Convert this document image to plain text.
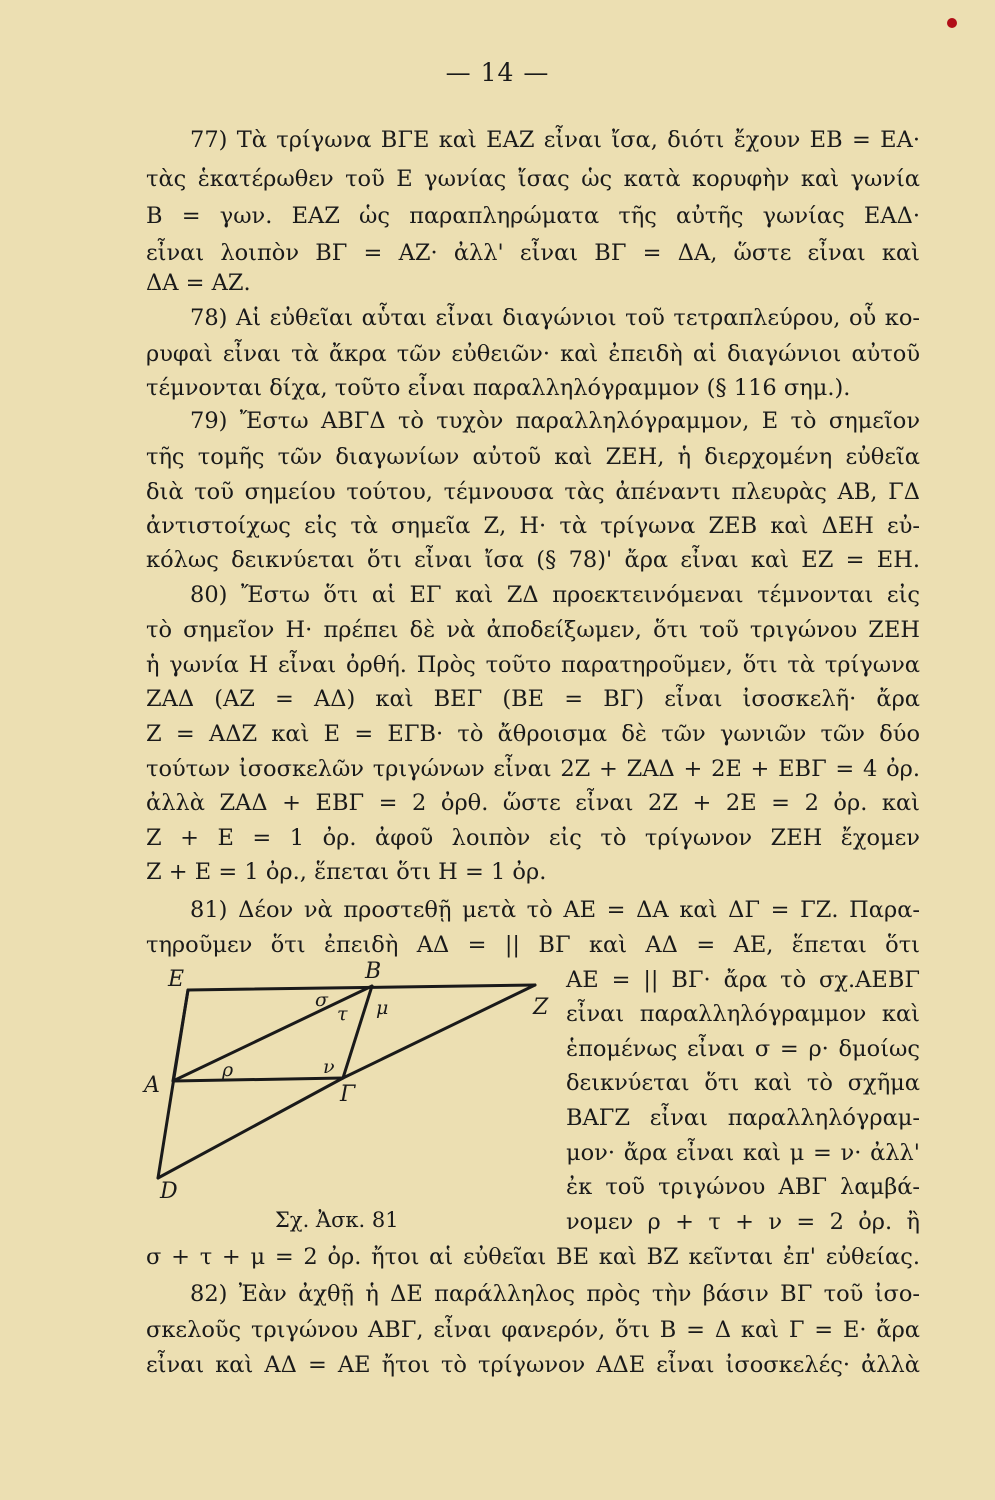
— 14 —
77) Τὰ τρίγωνα ΒΓΕ καὶ ΕΑΖ εἶναι ἴσα, διότι ἔχουν ΕΒ = ΕΑ·
τὰς ἑκατέρωθεν τοῦ Ε γωνίας ἴσας ὡς κατὰ κορυφὴν καὶ γωνία
Β = γων. ΕΑΖ ὡς παραπληρώματα τῆς αὐτῆς γωνίας ΕΑΔ·
εἶναι λοιπὸν ΒΓ = ΑΖ· ἀλλ' εἶναι ΒΓ = ΔΑ, ὥστε εἶναι καὶ
ΔΑ = ΑΖ.
78) Αἱ εὐθεῖαι αὗται εἶναι διαγώνιοι τοῦ τετραπλεύρου, οὗ κο-
ρυφαὶ εἶναι τὰ ἄκρα τῶν εὐθειῶν· καὶ ἐπειδὴ αἱ διαγώνιοι αὐτοῦ
τέμνονται δίχα, τοῦτο εἶναι παραλληλόγραμμον (§ 116 σημ.).
79) Ἔστω ΑΒΓΔ τὸ τυχὸν παραλληλόγραμμον, Ε τὸ σημεῖον
τῆς τομῆς τῶν διαγωνίων αὐτοῦ καὶ ΖΕΗ, ἡ διερχομένη εὐθεῖα
διὰ τοῦ σημείου τούτου, τέμνουσα τὰς ἀπέναντι πλευρὰς ΑΒ, ΓΔ
ἀντιστοίχως εἰς τὰ σημεῖα Ζ, Η· τὰ τρίγωνα ΖΕΒ καὶ ΔΕΗ εὐ-
κόλως δεικνύεται ὅτι εἶναι ἴσα (§ 78)' ἄρα εἶναι καὶ ΕΖ = ΕΗ.
80) Ἔστω ὅτι αἱ ΕΓ καὶ ΖΔ προεκτεινόμεναι τέμνονται εἰς
τὸ σημεῖον Η· πρέπει δὲ νὰ ἀποδείξωμεν, ὅτι τοῦ τριγώνου ΖΕΗ
ἡ γωνία Η εἶναι ὀρθή. Πρὸς τοῦτο παρατηροῦμεν, ὅτι τὰ τρίγωνα
ΖΑΔ (ΑΖ = ΑΔ) καὶ ΒΕΓ (ΒΕ = ΒΓ) εἶναι ἰσοσκελῆ· ἄρα
Ζ = ΑΔΖ καὶ Ε = ΕΓΒ· τὸ ἄθροισμα δὲ τῶν γωνιῶν τῶν δύο
τούτων ἰσοσκελῶν τριγώνων εἶναι 2Ζ + ΖΑΔ + 2Ε + ΕΒΓ = 4 ὀρ.
ἀλλὰ ΖΑΔ + ΕΒΓ = 2 ὀρθ. ὥστε εἶναι 2Ζ + 2Ε = 2 ὀρ. καὶ
Ζ + Ε = 1 ὀρ. ἀφοῦ λοιπὸν εἰς τὸ τρίγωνον ΖΕΗ ἔχομεν
Ζ + Ε = 1 ὀρ., ἕπεται ὅτι Η = 1 ὀρ.
81) Δέον νὰ προστεθῇ μετὰ τὸ ΑΕ = ΔΑ καὶ ΔΓ = ΓΖ. Παρα-
τηροῦμεν ὅτι ἐπειδὴ ΑΔ = || ΒΓ καὶ ΑΔ = ΑΕ, ἕπεται ὅτι
ΑΕ = || ΒΓ· ἄρα τὸ σχ.ΑΕΒΓ
εἶναι παραλληλόγραμμον καὶ
ἑπομένως εἶναι σ = ρ· δμοίως
δεικνύεται ὅτι καὶ τὸ σχῆμα
ΒΑΓΖ εἶναι παραλληλόγραμ-
μον· ἄρα εἶναι καὶ μ = ν· ἀλλ'
ἐκ τοῦ τριγώνου ΑΒΓ λαμβά-
νομεν ρ + τ + ν = 2 ὀρ. ἢ
σ + τ + μ = 2 ὀρ. ἤτοι αἱ εὐθεῖαι ΒΕ καὶ ΒΖ κεῖνται ἐπ' εὐθείας.
82) Ἐὰν ἀχθῇ ἡ ΔΕ παράλληλος πρὸς τὴν βάσιν ΒΓ τοῦ ἰσο-
σκελοῦς τριγώνου ΑΒΓ, εἶναι φανερόν, ὅτι Β = Δ καὶ Γ = Ε· ἄρα
εἶναι καὶ ΑΔ = ΑΕ ἤτοι τὸ τρίγωνον ΑΔΕ εἶναι ἰσοσκελές· ἀλλὰ
E	B
Z
A	Γ
D
σ
τ μ
ρ	ν
Σχ. Ἀσκ. 81
